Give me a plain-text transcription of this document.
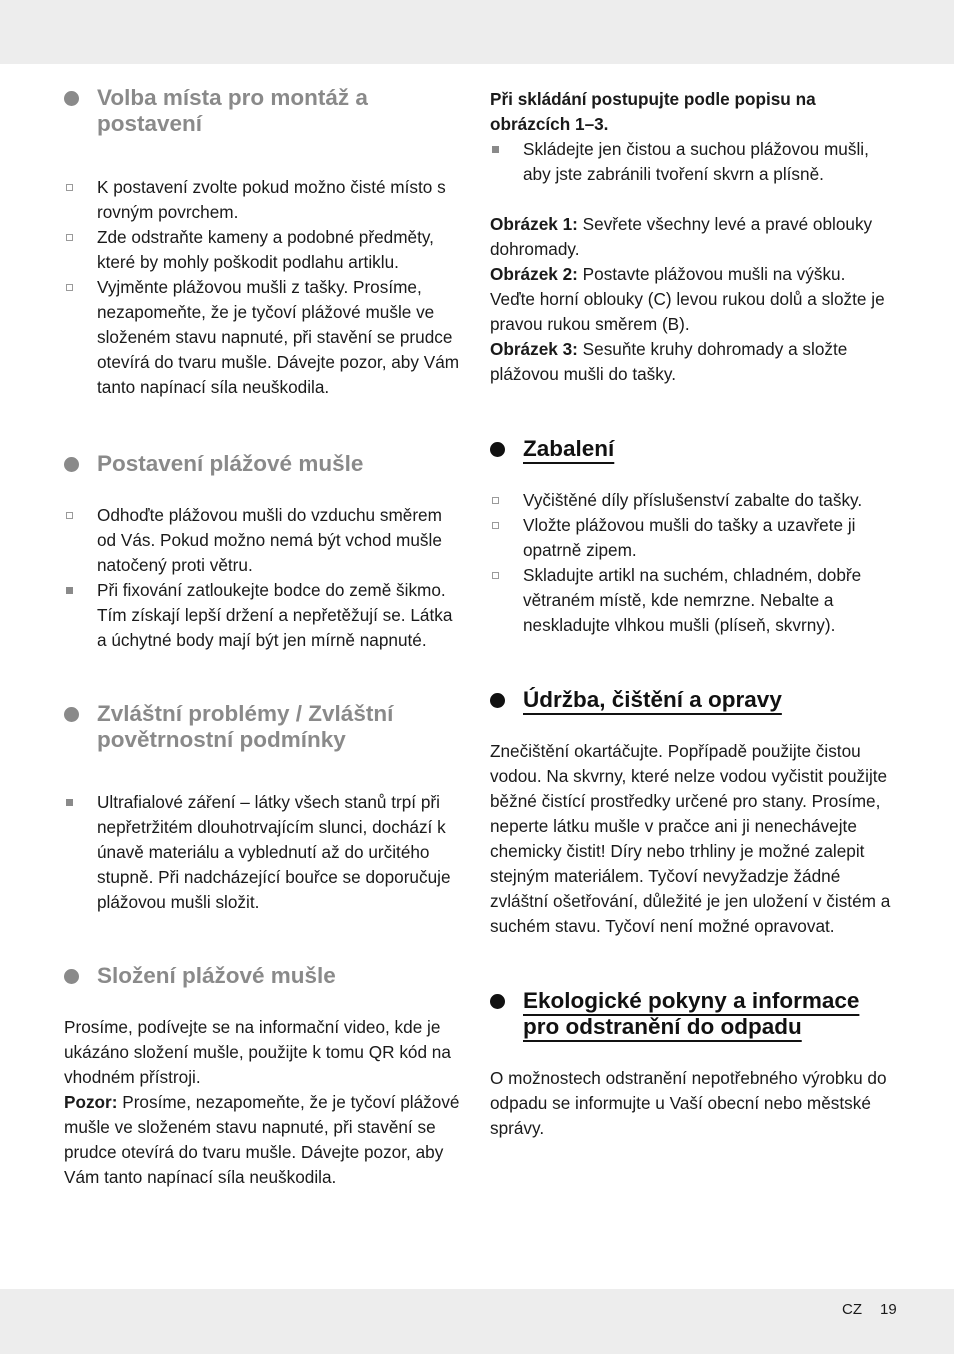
Volba místa pro montáž a postavení
K postavení zvolte pokud možno čisté místo s rovným povrchem.
Zde odstraňte kameny a podobné předměty, které by mohly poškodit podlahu artiklu.
Vyjměnte plážovou mušli z tašky. Prosíme, nezapomeňte, že je tyčoví plážové mušle ve složeném stavu napnuté, při stavění se prudce otevírá do tvaru mušle. Dávejte pozor, aby Vám tanto napínací síla neuškodila.
Postavení plážové mušle
Odhoďte plážovou mušli do vzduchu směrem od Vás. Pokud možno nemá být vchod mušle natočený proti větru.
Při fixování zatloukejte bodce do země šikmo. Tím získají lepší držení a nepřetěžují se. Látka a úchytné body mají být jen mírně napnuté.
Zvláštní problémy / Zvláštní povětrnostní podmínky
Ultrafialové záření – látky všech stanů trpí při nepřetržitém dlouhotrvajícím slunci, dochází k únavě materiálu a vyblednutí až do určitého stupně. Při nadcházející bouřce se doporučuje plážovou mušli složit.
Složení plážové mušle

Prosíme, podívejte se na informační video, kde je ukázáno složení mušle, použijte k tomu QR kód na vhodném přístroji.

Pozor: Prosíme, nezapomeňte, že je tyčoví plážové mušle ve složeném stavu napnuté, při stavění se prudce otevírá do tvaru mušle. Dávejte pozor, aby Vám tanto napínací síla neuškodila.

Při skládání postupujte podle popisu na obrázcích 1–3.

Skládejte jen čistou a suchou plážovou mušli, aby jste zabránili tvoření skvrn a plísně.

Obrázek 1: Sevřete všechny levé a pravé oblouky dohromady.

Obrázek 2: Postavte plážovou mušli na výšku. Veďte horní oblouky (C) levou rukou dolů a složte je pravou rukou směrem (B).

Obrázek 3: Sesuňte kruhy dohromady a složte plážovou mušli do tašky.

Zabalení
Vyčištěné díly příslušenství zabalte do tašky.
Vložte plážovou mušli do tašky a uzavřete ji opatrně zipem.
Skladujte artikl na suchém, chladném, dobře větraném místě, kde nemrzne. Nebalte a neskladujte vlhkou mušli (plíseň, skvrny).
Údržba, čištění a opravy

Znečištění okartáčujte. Popřípadě použijte čistou vodou. Na skvrny, které nelze vodou vyčistit použijte běžné čistící prostředky určené pro stany. Prosíme, neperte látku mušle v pračce ani ji nenechávejte chemicky čistit! Díry nebo trhliny je možné zalepit stejným materiálem. Tyčoví nevyžadzje žádné zvláštní ošetřování, důležité je jen uložení v čistém a suchém stavu. Tyčoví není možné opravovat.

Ekologické pokyny a informace pro odstranění do odpadu

O možnostech odstranění nepotřebného výrobku do odpadu se informujte u Vaší obecní nebo městské správy.

CZ 19
